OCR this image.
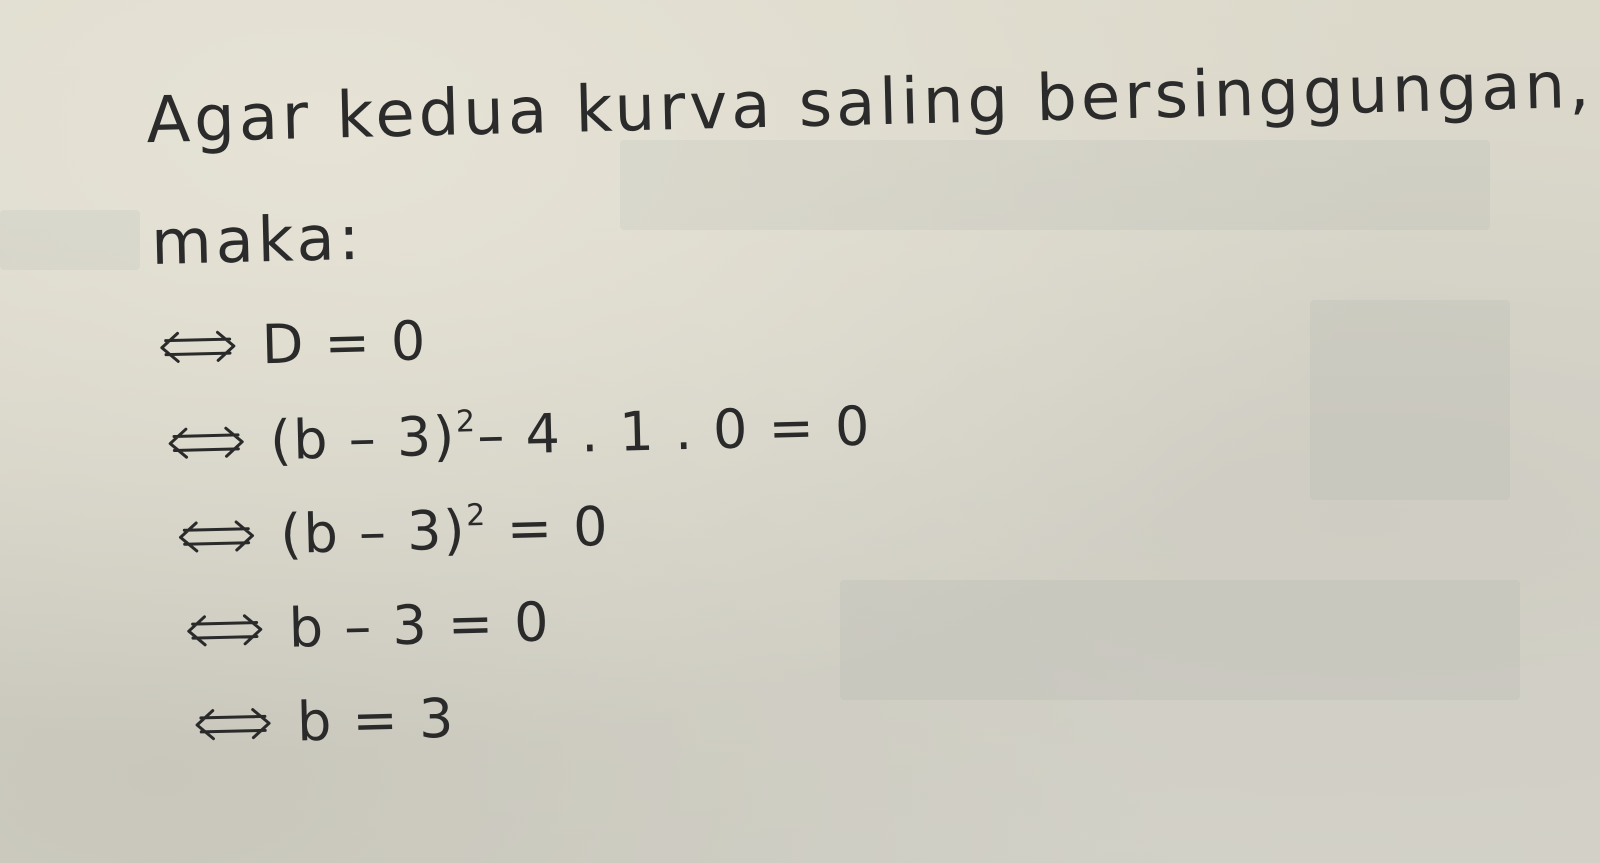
Agar kedua kurva saling bersinggungan,

maka:

D = 0
(b – 3)$^2$– 4 . 1 . 0 = 0
(b – 3)$^2$ = 0
b – 3 = 0
b = 3
